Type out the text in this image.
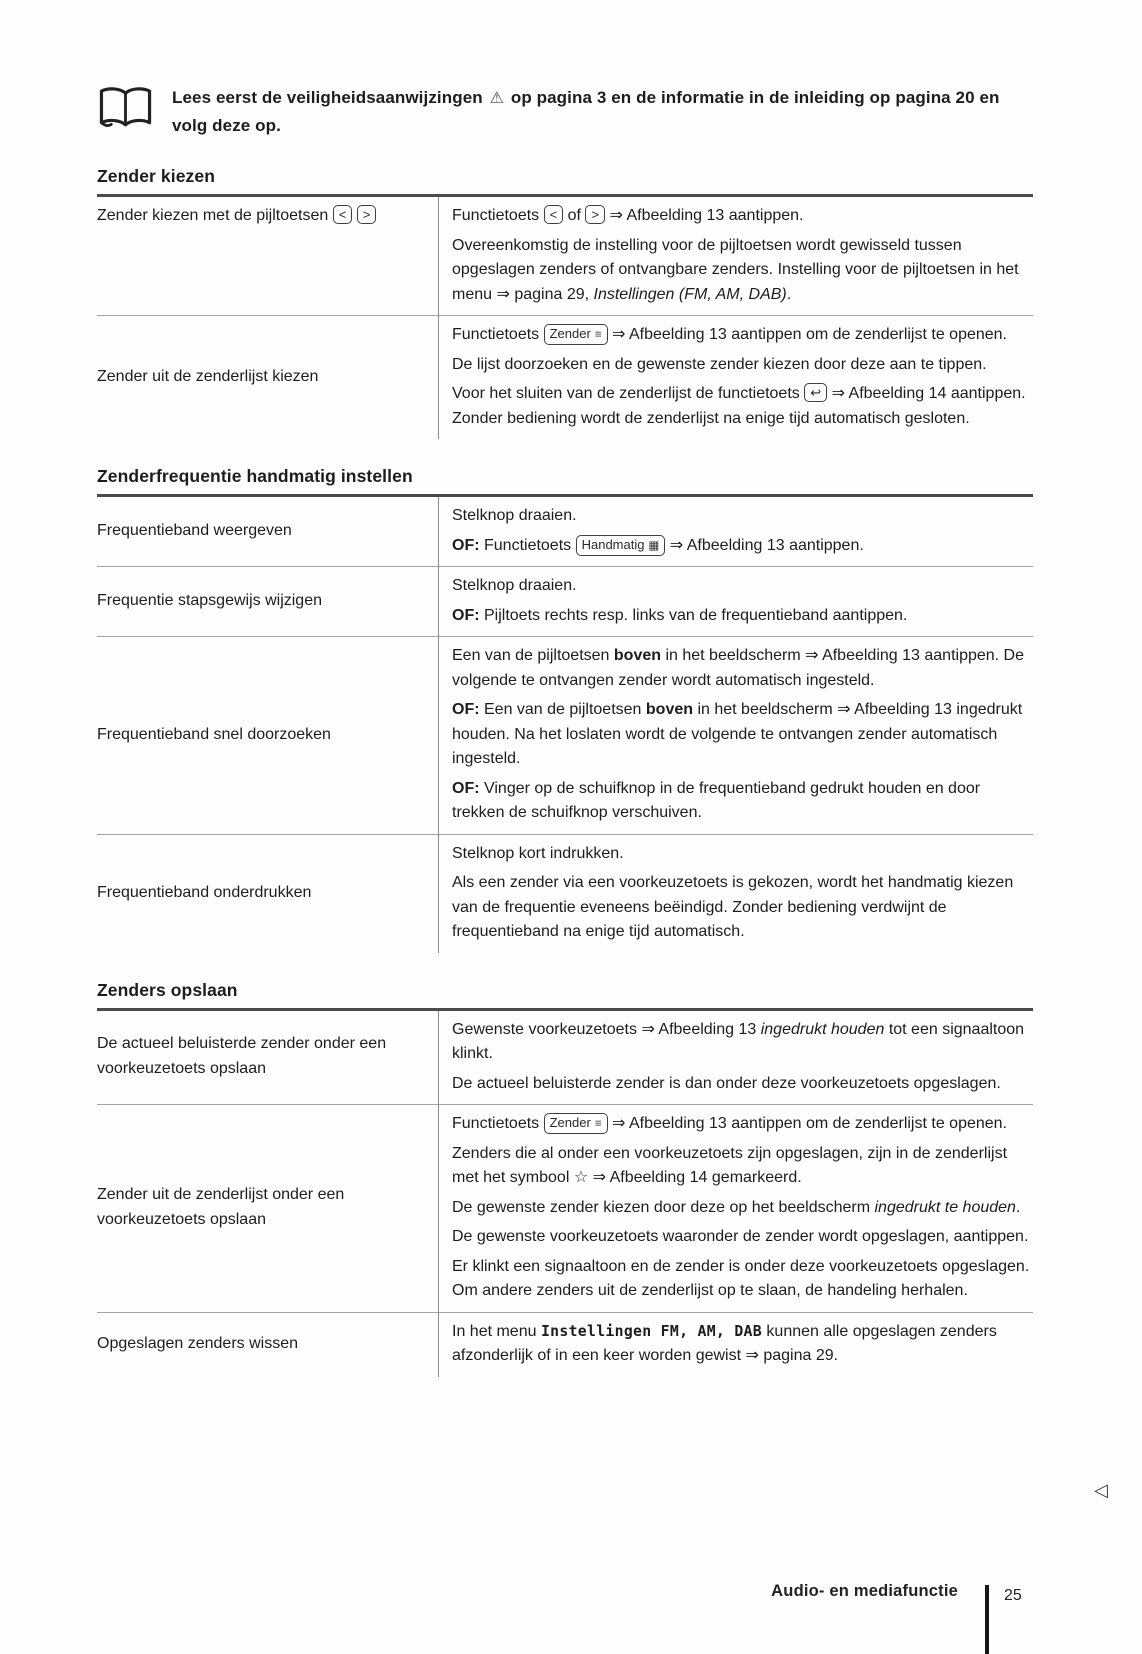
Lees eerst de veiligheidsaanwijzingen ⚠ op pagina 3 en de informatie in de inleiding op pagina 20 en volg deze op.
Zender kiezen
Zender kiezen met de pijltoetsen < >	Functietoets < of > ⇒ Afbeelding 13 aantippen.

Overeenkomstig de instelling voor de pijltoetsen wordt gewisseld tussen opgeslagen zenders of ontvangbare zenders. Instelling voor de pijltoetsen in het menu ⇒ pagina 29, Instellingen (FM, AM, DAB).

Zender uit de zenderlijst kiezen	Functietoets Zender ≡ ⇒ Afbeelding 13 aantippen om de zenderlijst te openen.

De lijst doorzoeken en de gewenste zender kiezen door deze aan te tippen.

Voor het sluiten van de zenderlijst de functietoets ↩ ⇒ Afbeelding 14 aantippen. Zonder bediening wordt de zenderlijst na enige tijd automatisch gesloten.

Zenderfrequentie handmatig instellen
Frequentieband weergeven	Stelknop draaien.

OF: Functietoets Handmatig ▦ ⇒ Afbeelding 13 aantippen.

Frequentie stapsgewijs wijzigen	Stelknop draaien.

OF: Pijltoets rechts resp. links van de frequentieband aantippen.

Frequentieband snel doorzoeken	Een van de pijltoetsen boven in het beeldscherm ⇒ Afbeelding 13 aantippen. De volgende te ontvangen zender wordt automatisch ingesteld.

OF: Een van de pijltoetsen boven in het beeldscherm ⇒ Afbeelding 13 ingedrukt houden. Na het loslaten wordt de volgende te ontvangen zender automatisch ingesteld.

OF: Vinger op de schuifknop in de frequentieband gedrukt houden en door trekken de schuifknop verschuiven.

Frequentieband onderdrukken	Stelknop kort indrukken.

Als een zender via een voorkeuzetoets is gekozen, wordt het handmatig kiezen van de frequentie eveneens beëindigd. Zonder bediening verdwijnt de frequentieband na enige tijd automatisch.

Zenders opslaan
De actueel beluisterde zender onder een voorkeuzetoets opslaan	Gewenste voorkeuzetoets ⇒ Afbeelding 13 ingedrukt houden tot een signaaltoon klinkt.

De actueel beluisterde zender is dan onder deze voorkeuzetoets opgeslagen.

Zender uit de zenderlijst onder een voorkeuzetoets opslaan	Functietoets Zender ≡ ⇒ Afbeelding 13 aantippen om de zenderlijst te openen.

Zenders die al onder een voorkeuzetoets zijn opgeslagen, zijn in de zenderlijst met het symbool ☆ ⇒ Afbeelding 14 gemarkeerd.

De gewenste zender kiezen door deze op het beeldscherm ingedrukt te houden.

De gewenste voorkeuzetoets waaronder de zender wordt opgeslagen, aantippen.

Er klinkt een signaaltoon en de zender is onder deze voorkeuzetoets opgeslagen. Om andere zenders uit de zenderlijst op te slaan, de handeling herhalen.

Opgeslagen zenders wissen	In het menu Instellingen FM, AM, DAB kunnen alle opgeslagen zenders afzonderlijk of in een keer worden gewist ⇒ pagina 29.

◁
Audio- en mediafunctie	25
